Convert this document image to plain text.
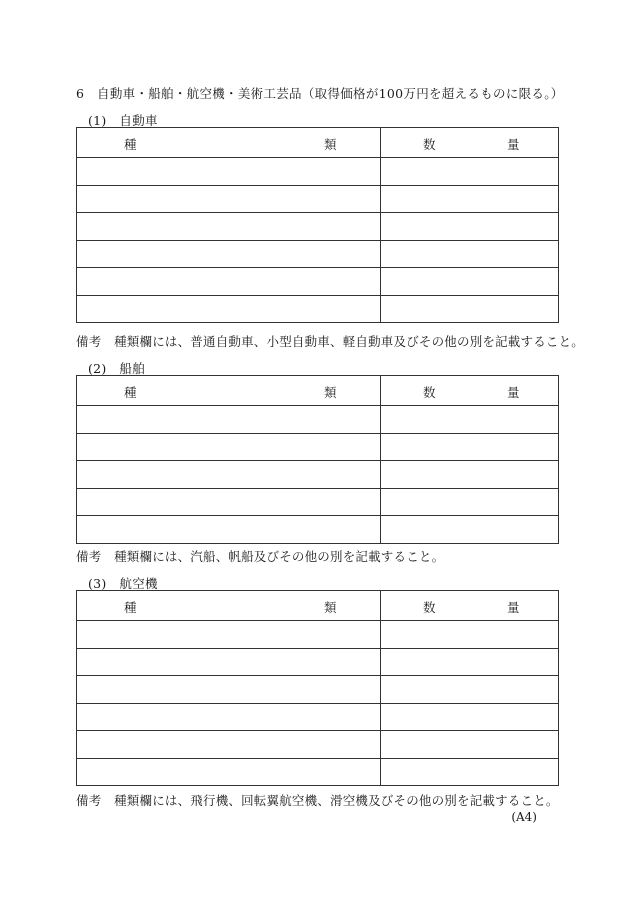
6　自動車・船舶・航空機・美術工芸品（取得価格が100万円を超えるものに限る。）
(1)　自動車
種 類	数 量

備考　種類欄には、普通自動車、小型自動車、軽自動車及びその他の別を記載すること。
(2)　船舶
種 類	数 量

備考　種類欄には、汽船、帆船及びその他の別を記載すること。
(3)　航空機
種 類	数 量

備考　種類欄には、飛行機、回転翼航空機、滑空機及びその他の別を記載すること。
(A4)
